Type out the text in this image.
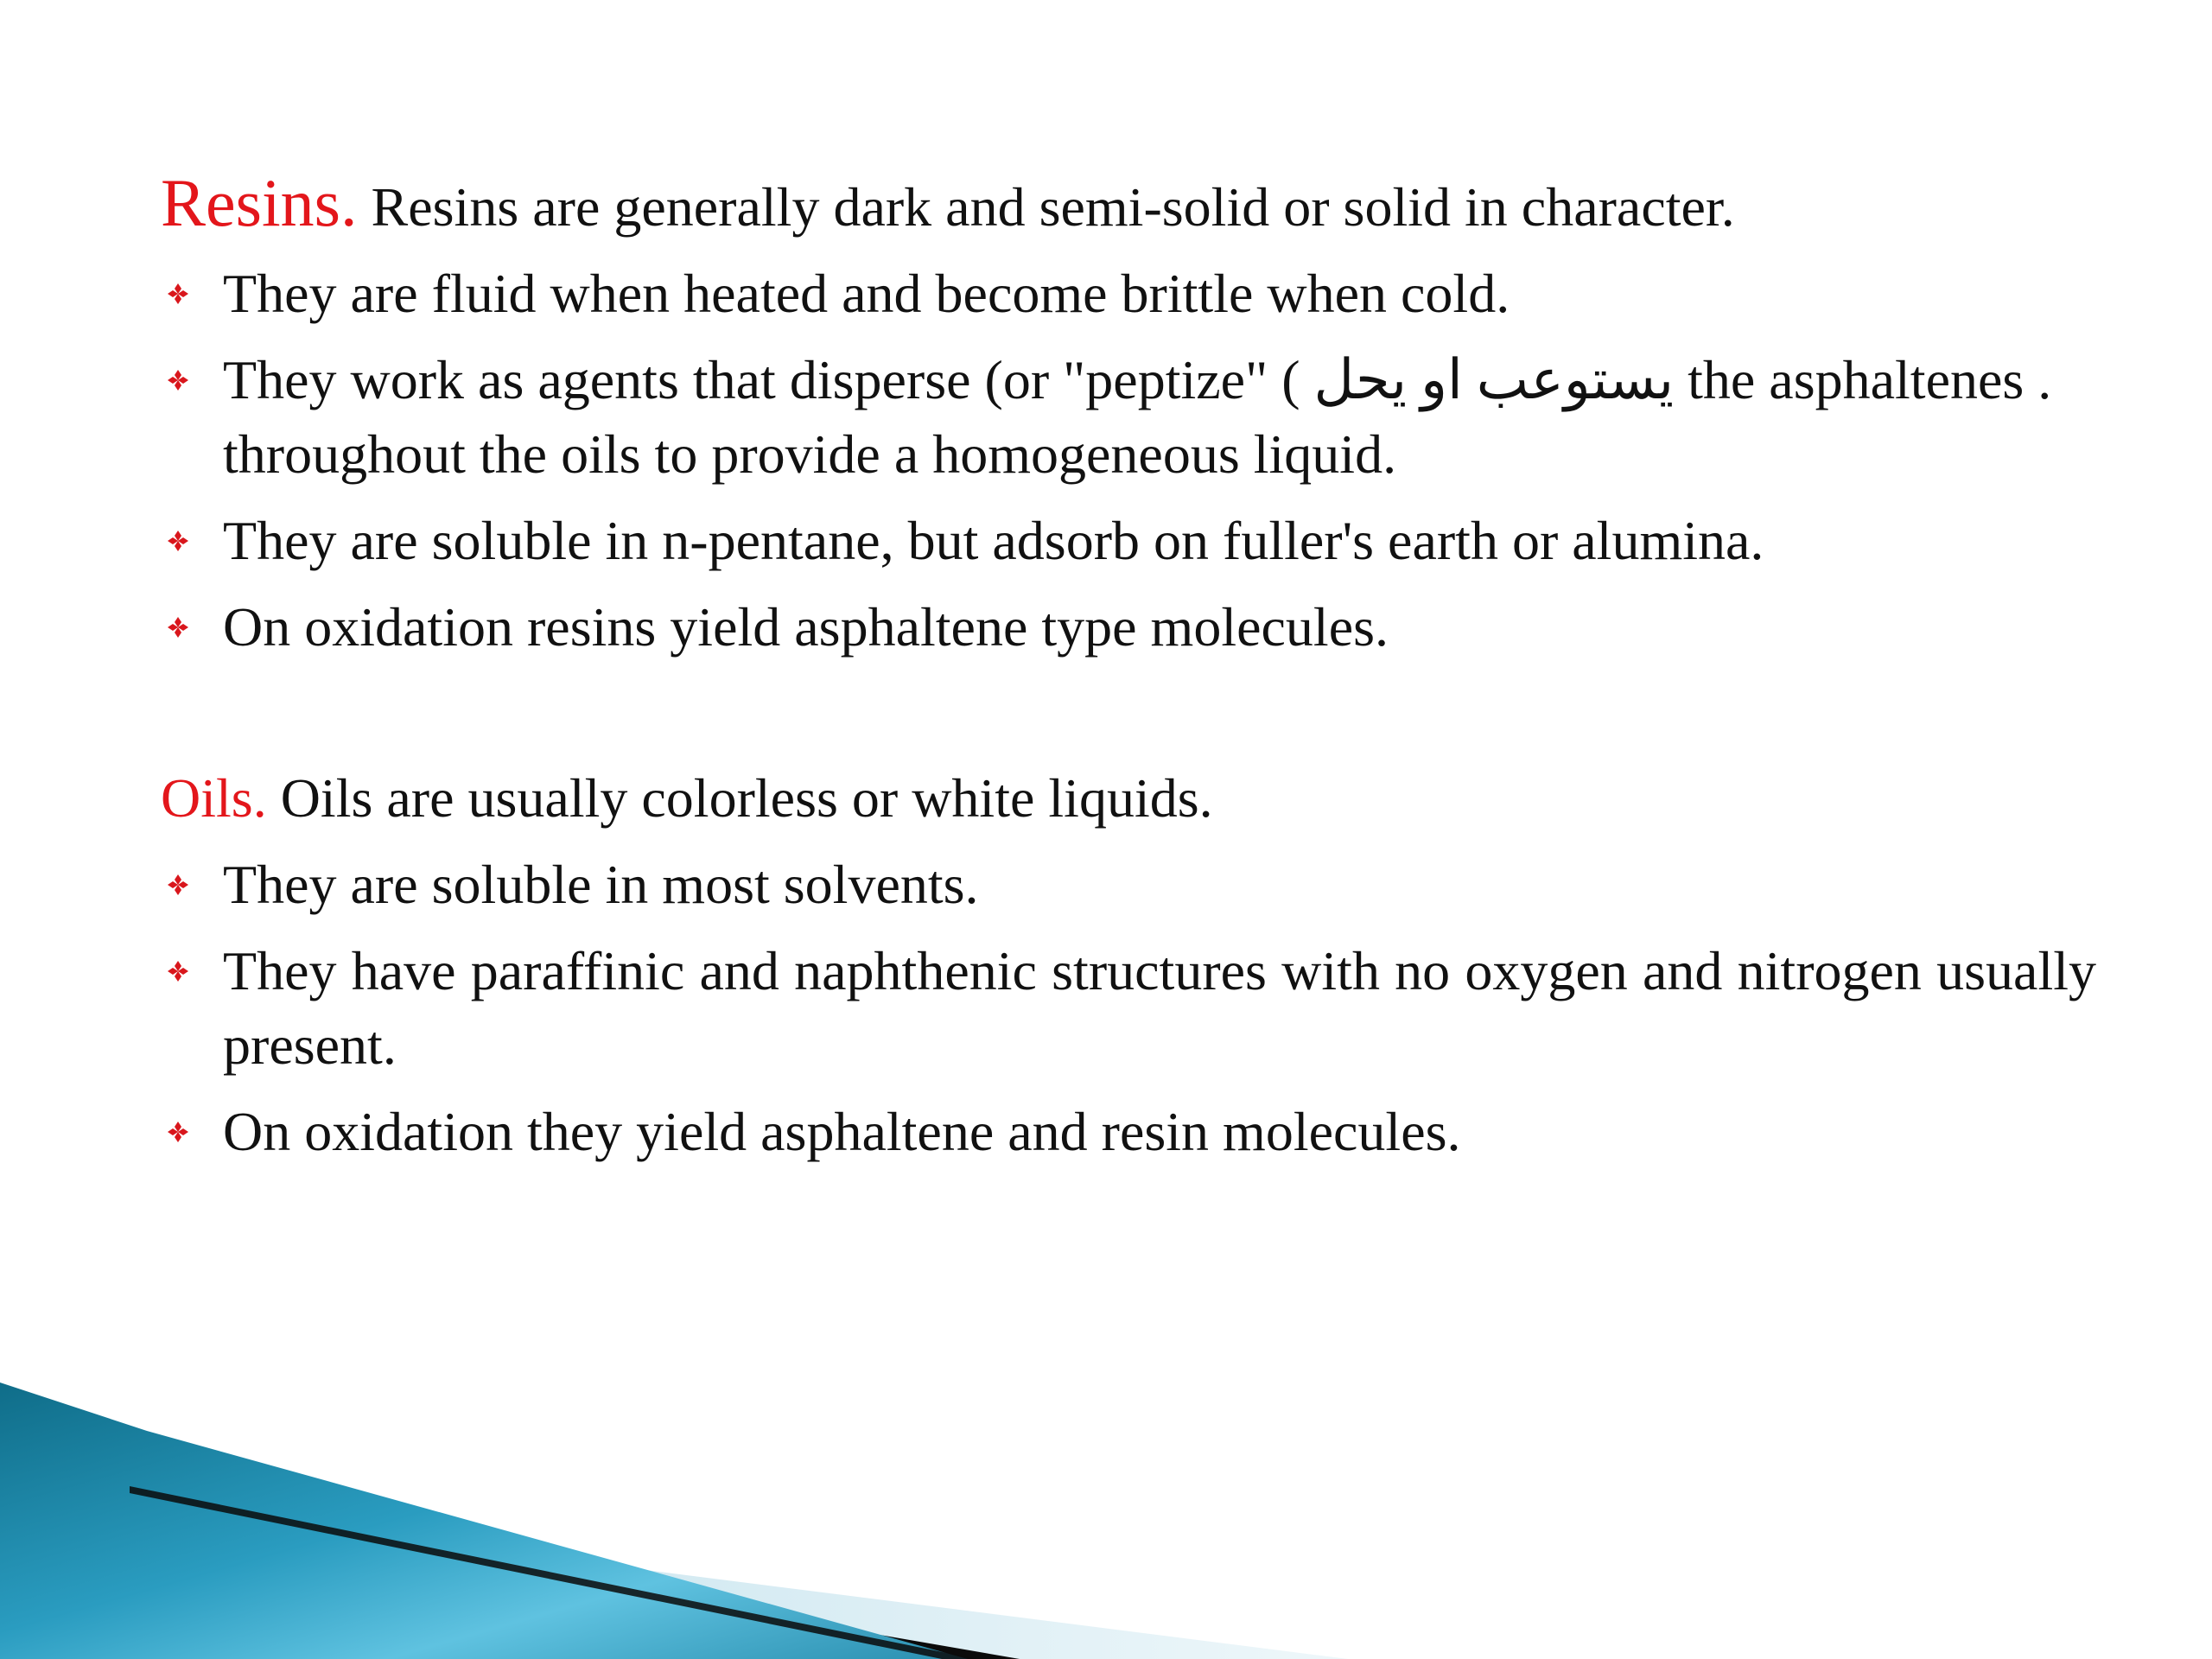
Resins. Resins are generally dark and semi-solid or solid in character.

They are fluid when heated and become brittle when cold.
They work as agents that disperse (or "peptize" ( يستوعب او يحل the asphaltenes . throughout the oils to provide a homogeneous liquid.
They are soluble in n-pentane, but adsorb on fuller's earth or alumina.
On oxidation resins yield asphaltene type molecules.

Oils. Oils are usually colorless or white liquids.

They are soluble in most solvents.
They have paraffinic and naphthenic structures with no oxygen and nitrogen usually present.
On oxidation they yield asphaltene and resin molecules.
